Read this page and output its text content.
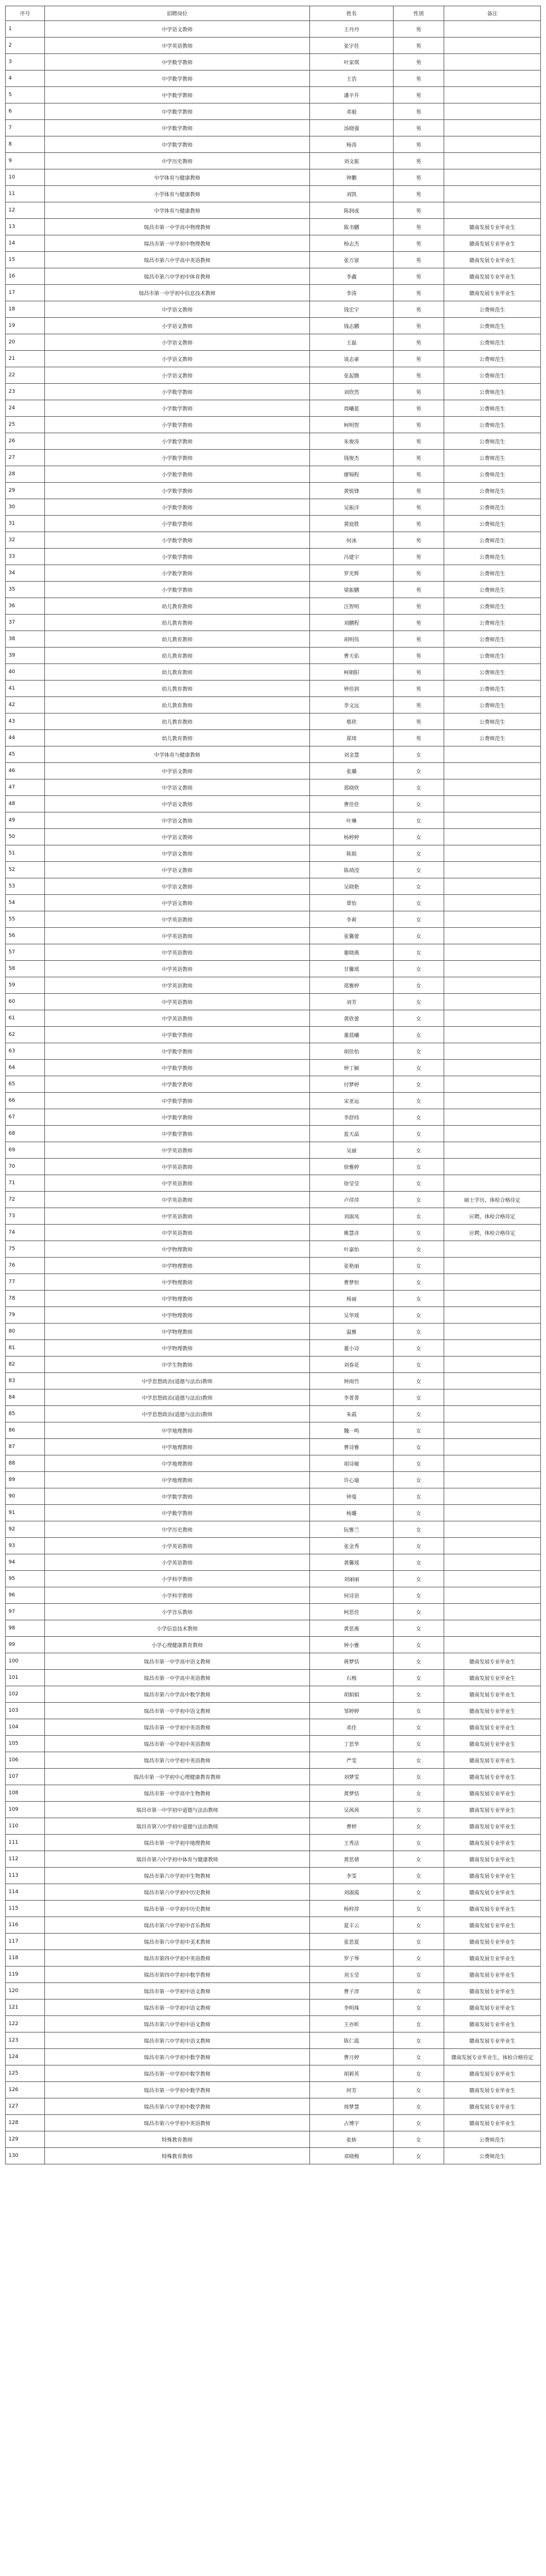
序号	招聘岗位	姓名	性别	备注
1	中学语文教师	王丹丹	男	
2	中学英语教师	张宇佳	男	
3	中学数学教师	叶家琪	男	
4	中学数学教师	王浩	男	
5	中学数学教师	潘平升	男	
6	中学数学教师	邓毅	男	
7	中学数学教师	汤晓强	男	
8	中学数学教师	杨涛	男	
9	中学历史教师	刘文振	男	
10	中学体育与健康教师	钟鹏	男	
11	小学体育与健康教师	刘凯	男	
12	中学体育与健康教师	陈润成	男	
13	瑞昌市第一中学高中物理教师	陈书鹏	男	赣南发展专业毕业生
14	瑞昌市第一中学初中物理教师	杨志杰	男	赣南发展专业毕业生
15	瑞昌市第六中学高中英语教师	张万富	男	赣南发展专业毕业生
16	瑞昌市第六中学初中体育教师	李鑫	男	赣南发展专业毕业生
17	瑞昌市第一中学初中信息技术教师	李涛	男	赣南发展专业毕业生
18	中学语文教师	钱宏宇	男	公费师范生
19	小学语文教师	钱志鹏	男	公费师范生
20	小学语文教师	王磊	男	公费师范生
21	小学语文教师	谈志豪	男	公费师范生
22	小学语文教师	张起腾	男	公费师范生
23	小学数学教师	刘欣然	男	公费师范生
24	小学数学教师	周曦蓝	男	公费师范生
25	小学数学教师	柯明智	男	公费师范生
26	小学数学教师	朱俊涛	男	公费师范生
27	小学数学教师	钱俊杰	男	公费师范生
28	小学数学教师	廖锦程	男	公费师范生
29	小学数学教师	黄锐锋	男	公费师范生
30	小学数学教师	吴振洋	男	公费师范生
31	小学数学教师	黄庭胜	男	公费师范生
32	小学数学教师	何冰	男	公费师范生
33	小学数学教师	冯建宇	男	公费师范生
34	小学数学教师	罗光辉	男	公费师范生
35	小学数学教师	梁振鹏	男	公费师范生
36	幼儿教育教师	汪智明	男	公费师范生
37	幼儿教育教师	刘鹏程	男	公费师范生
38	幼儿教育教师	胡明伟	男	公费师范生
39	幼儿教育教师	曹天佑	男	公费师范生
40	幼儿教育教师	柯朝阳	男	公费师范生
41	幼儿教育教师	钟佳润	男	公费师范生
42	幼儿教育教师	李文远	男	公费师范生
43	幼儿教育教师	蔡欣	男	公费师范生
44	幼儿教育教师	郑琦	男	公费师范生
45	中学体育与健康教师	刘金慧	女	
46	中学语文教师	张璐	女	
47	中学语文教师	郑晓欣	女	
48	中学语文教师	曹佳佳	女	
49	中学语文教师	叶琳	女	
50	中学语文教师	杨婷婷	女	
51	中学语文教师	陈娟	女	
52	中学语文教师	陈靖滢	女	
53	中学语文教师	吴晓艳	女	
54	中学语文教师	覃怡	女	
55	中学英语教师	李莉	女	
56	中学英语教师	张馨蕾	女	
57	中学英语教师	谢晓燕	女	
58	中学英语教师	甘馨瑶	女	
59	中学英语教师	郑雅婷	女	
60	中学英语教师	刘芳	女	
61	中学英语教师	黄欣蕾	女	
62	中学数学教师	董晨曦	女	
63	中学数学教师	胡佳怡	女	
64	中学数学教师	钟丁颖	女	
65	中学数学教师	付梦婷	女	
66	中学数学教师	宋亚运	女	
67	中学数学教师	李舒纬	女	
68	中学数学教师	蓝天晶	女	
69	中学英语教师	吴丽	女	
70	中学英语教师	徐雅婷	女	
71	中学英语教师	徐莹莹	女	
72	中学英语教师	卢萍萍	女	硕士学历，体检合格待定
73	中学英语教师	刘淑凤	女	应聘，体检合格待定
74	中学英语教师	姚慧彦	女	应聘，体检合格待定
75	中学物理教师	叶嘉怡	女	
76	中学物理教师	张艳丽	女	
77	中学物理教师	曹梦恒	女	
78	中学物理教师	杨丽	女	
79	中学物理教师	吴华瑶	女	
80	中学物理教师	温雅	女	
81	中学物理教师	董小诗	女	
82	中学生物教师	刘春花	女	
83	中学思想政治(道德与法治)教师	钟雨竹	女	
84	中学思想政治(道德与法治)教师	李菁菁	女	
85	中学思想政治(道德与法治)教师	朱霞	女	
86	中学地理教师	魏一鸣	女	
87	中学地理教师	曹诗雅	女	
88	中学地理教师	胡诗敏	女	
89	中学地理教师	许心瑜	女	
90	中学数学教师	钟曼	女	
91	中学数学教师	杨璐	女	
92	中学历史教师	阮雅兰	女	
93	小学英语教师	张金秀	女	
94	小学英语教师	黄馨瑶	女	
95	小学科学教师	刘丽丽	女	
96	小学科学教师	何诗语	女	
97	小学音乐教师	柯思佳	女	
98	小学信息技术教师	黄思燕	女	
99	小学心理健康教育教师	钟小雅	女	
100	瑞昌市第一中学高中语文教师	蒋梦恬	女	赣南发展专业毕业生
101	瑞昌市第一中学高中英语教师	石梅	女	赣南发展专业毕业生
102	瑞昌市第六中学高中数学教师	胡娟娟	女	赣南发展专业毕业生
103	瑞昌市第一中学初中语文教师	邹婷婷	女	赣南发展专业毕业生
104	瑞昌市第一中学初中英语教师	邓佳	女	赣南发展专业毕业生
105	瑞昌市第一中学初中英语教师	丁思华	女	赣南发展专业毕业生
106	瑞昌市第六中学初中英语教师	严雯	女	赣南发展专业毕业生
107	瑞昌市第一中学初中心理健康教育教师	刘梦雯	女	赣南发展专业毕业生
108	瑞昌市第一中学高中生物教师	黄梦恬	女	赣南发展专业毕业生
109	瑞昌市第一中学初中道德与法治教师	吴茜茜	女	赣南发展专业毕业生
110	瑞昌市第六中学初中道德与法治教师	曹婷	女	赣南发展专业毕业生
111	瑞昌市第一中学初中地理教师	王秀洁	女	赣南发展专业毕业生
112	瑞昌市第六中学初中体育与健康教师	黄思倩	女	赣南发展专业毕业生
113	瑞昌市第六中学初中生物教师	李雯	女	赣南发展专业毕业生
114	瑞昌市第六中学初中历史教师	刘淑霞	女	赣南发展专业毕业生
115	瑞昌市第一中学初中历史教师	杨梓萍	女	赣南发展专业毕业生
116	瑞昌市第六中学初中音乐教师	夏丰云	女	赣南发展专业毕业生
117	瑞昌市第六中学初中美术教师	张思夏	女	赣南发展专业毕业生
118	瑞昌市第四中学初中英语教师	罗子琴	女	赣南发展专业毕业生
119	瑞昌市第四中学初中数学教师	刘玉莹	女	赣南发展专业毕业生
120	瑞昌市第一中学初中语文教师	曹子淳	女	赣南发展专业毕业生
121	瑞昌市第一中学初中语文教师	李明珠	女	赣南发展专业毕业生
122	瑞昌市第六中学初中语文教师	王亦昕	女	赣南发展专业毕业生
123	瑞昌市第六中学初中语文教师	陈仁霞	女	赣南发展专业毕业生
124	瑞昌市第六中学初中数学教师	曹月婷	女	赣南发展专业毕业生，体检合格待定
125	瑞昌市第一中学初中数学教师	胡莉英	女	赣南发展专业毕业生
126	瑞昌市第一中学初中数学教师	何芳	女	赣南发展专业毕业生
127	瑞昌市第六中学初中数学教师	周梦慧	女	赣南发展专业毕业生
128	瑞昌市第六中学初中英语教师	占博宇	女	赣南发展专业毕业生
129	特殊教育教师	张娇	女	公费师范生
130	特殊教育教师	邓晓梅	女	公费师范生
